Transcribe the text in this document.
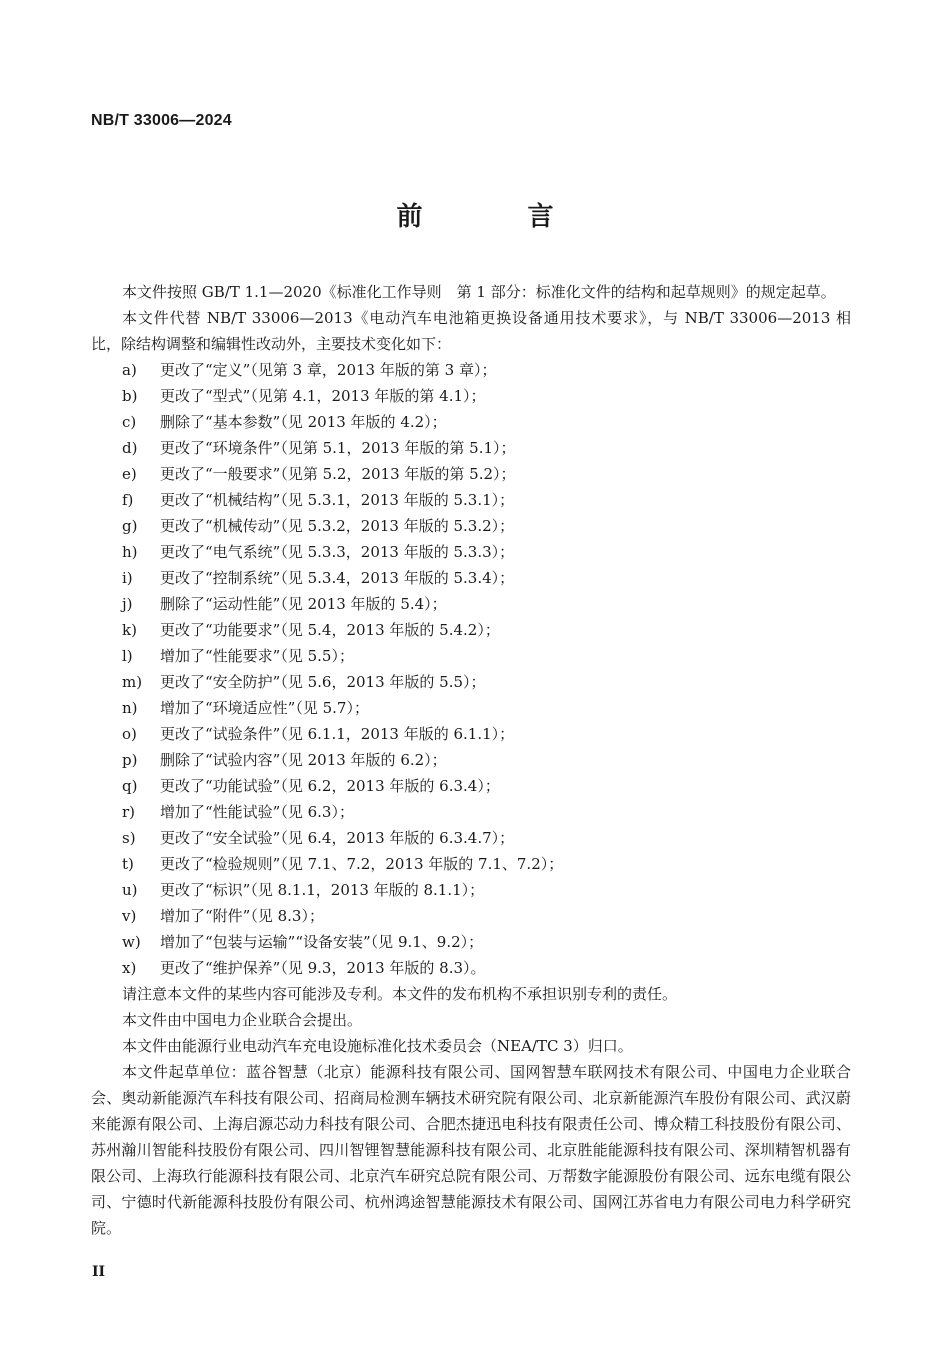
NB/T 33006—2024
前 言
本文件按照 GB/T 1.1—2020《标准化工作导则　第 1 部分：标准化文件的结构和起草规则》的规定起草。
本文件代替 NB/T 33006—2013《电动汽车电池箱更换设备通用技术要求》，与 NB/T 33006—2013 相比，除结构调整和编辑性改动外，主要技术变化如下：
a) 更改了“定义”（见第 3 章，2013 年版的第 3 章）；
b) 更改了“型式”（见第 4.1，2013 年版的第 4.1）；
c) 删除了“基本参数”（见 2013 年版的 4.2）；
d) 更改了“环境条件”（见第 5.1，2013 年版的第 5.1）；
e) 更改了“一般要求”（见第 5.2，2013 年版的第 5.2）；
f) 更改了“机械结构”（见 5.3.1，2013 年版的 5.3.1）；
g) 更改了“机械传动”（见 5.3.2，2013 年版的 5.3.2）；
h) 更改了“电气系统”（见 5.3.3，2013 年版的 5.3.3）；
i) 更改了“控制系统”（见 5.3.4，2013 年版的 5.3.4）；
j) 删除了“运动性能”（见 2013 年版的 5.4）；
k) 更改了“功能要求”（见 5.4，2013 年版的 5.4.2）；
l) 增加了“性能要求”（见 5.5）；
m) 更改了“安全防护”（见 5.6，2013 年版的 5.5）；
n) 增加了“环境适应性”（见 5.7）；
o) 更改了“试验条件”（见 6.1.1，2013 年版的 6.1.1）；
p) 删除了“试验内容”（见 2013 年版的 6.2）；
q) 更改了“功能试验”（见 6.2，2013 年版的 6.3.4）；
r) 增加了“性能试验”（见 6.3）；
s) 更改了“安全试验”（见 6.4，2013 年版的 6.3.4.7）；
t) 更改了“检验规则”（见 7.1、7.2，2013 年版的 7.1、7.2）；
u) 更改了“标识”（见 8.1.1，2013 年版的 8.1.1）；
v) 增加了“附件”（见 8.3）；
w) 增加了“包装与运输”“设备安装”（见 9.1、9.2）；
x) 更改了“维护保养”（见 9.3，2013 年版的 8.3）。
请注意本文件的某些内容可能涉及专利。本文件的发布机构不承担识别专利的责任。
本文件由中国电力企业联合会提出。
本文件由能源行业电动汽车充电设施标准化技术委员会（NEA/TC 3）归口。
本文件起草单位：蓝谷智慧（北京）能源科技有限公司、国网智慧车联网技术有限公司、中国电力企业联合会、奥动新能源汽车科技有限公司、招商局检测车辆技术研究院有限公司、北京新能源汽车股份有限公司、武汉蔚来能源有限公司、上海启源芯动力科技有限公司、合肥杰捷迅电科技有限责任公司、博众精工科技股份有限公司、苏州瀚川智能科技股份有限公司、四川智锂智慧能源科技有限公司、北京胜能能源科技有限公司、深圳精智机器有限公司、上海玖行能源科技有限公司、北京汽车研究总院有限公司、万帮数字能源股份有限公司、远东电缆有限公司、宁德时代新能源科技股份有限公司、杭州鸿途智慧能源技术有限公司、国网江苏省电力有限公司电力科学研究院。
II
